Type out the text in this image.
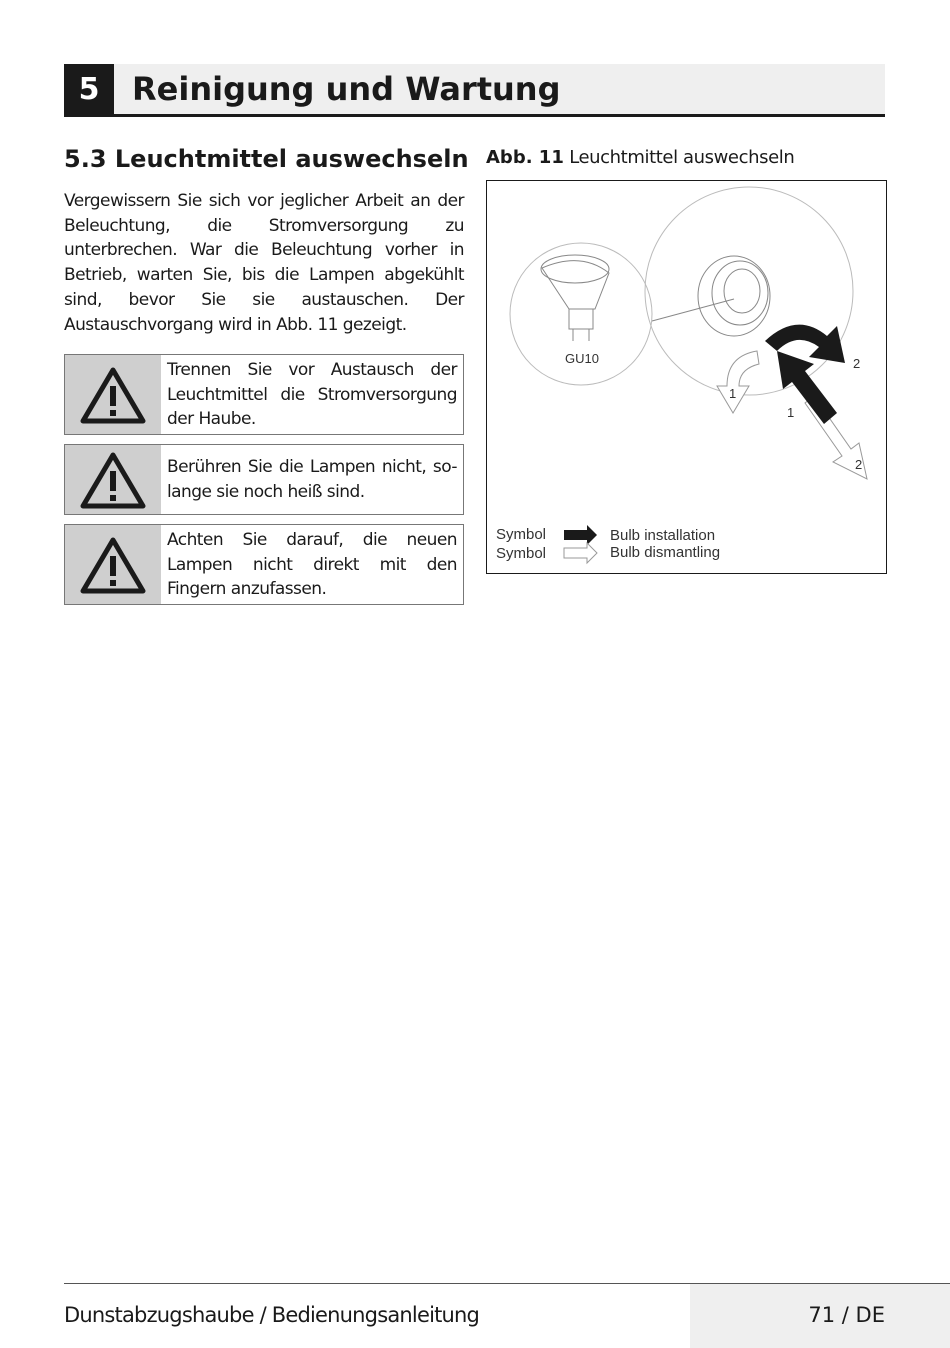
5	Reinigung und Wartung
5.3 Leuchtmittel auswechseln
Vergewissern Sie sich vor jeglicher Arbeit an der Beleuchtung, die Stromversorgung zu unterbrechen. War die Beleuchtung vorher in Betrieb, warten Sie, bis die Lampen abgekühlt sind, bevor Sie sie austauschen. Der Austauschvorgang wird in Abb. 11 gezeigt.
Trennen Sie vor Austausch der Leuchtmittel die Stromversorgung der Haube.
Berühren Sie die Lampen nicht, so-lange sie noch heiß sind.
Achten Sie darauf, die neuen Lampen nicht direkt mit den Fingern anzufassen.
Abb. 11 Leuchtmittel auswechseln
GU10
1
2
1
2
Symbol	Bulb installation
Symbol	Bulb dismantling
Dunstabzugshaube / Bedienungsanleitung	71 / DE
